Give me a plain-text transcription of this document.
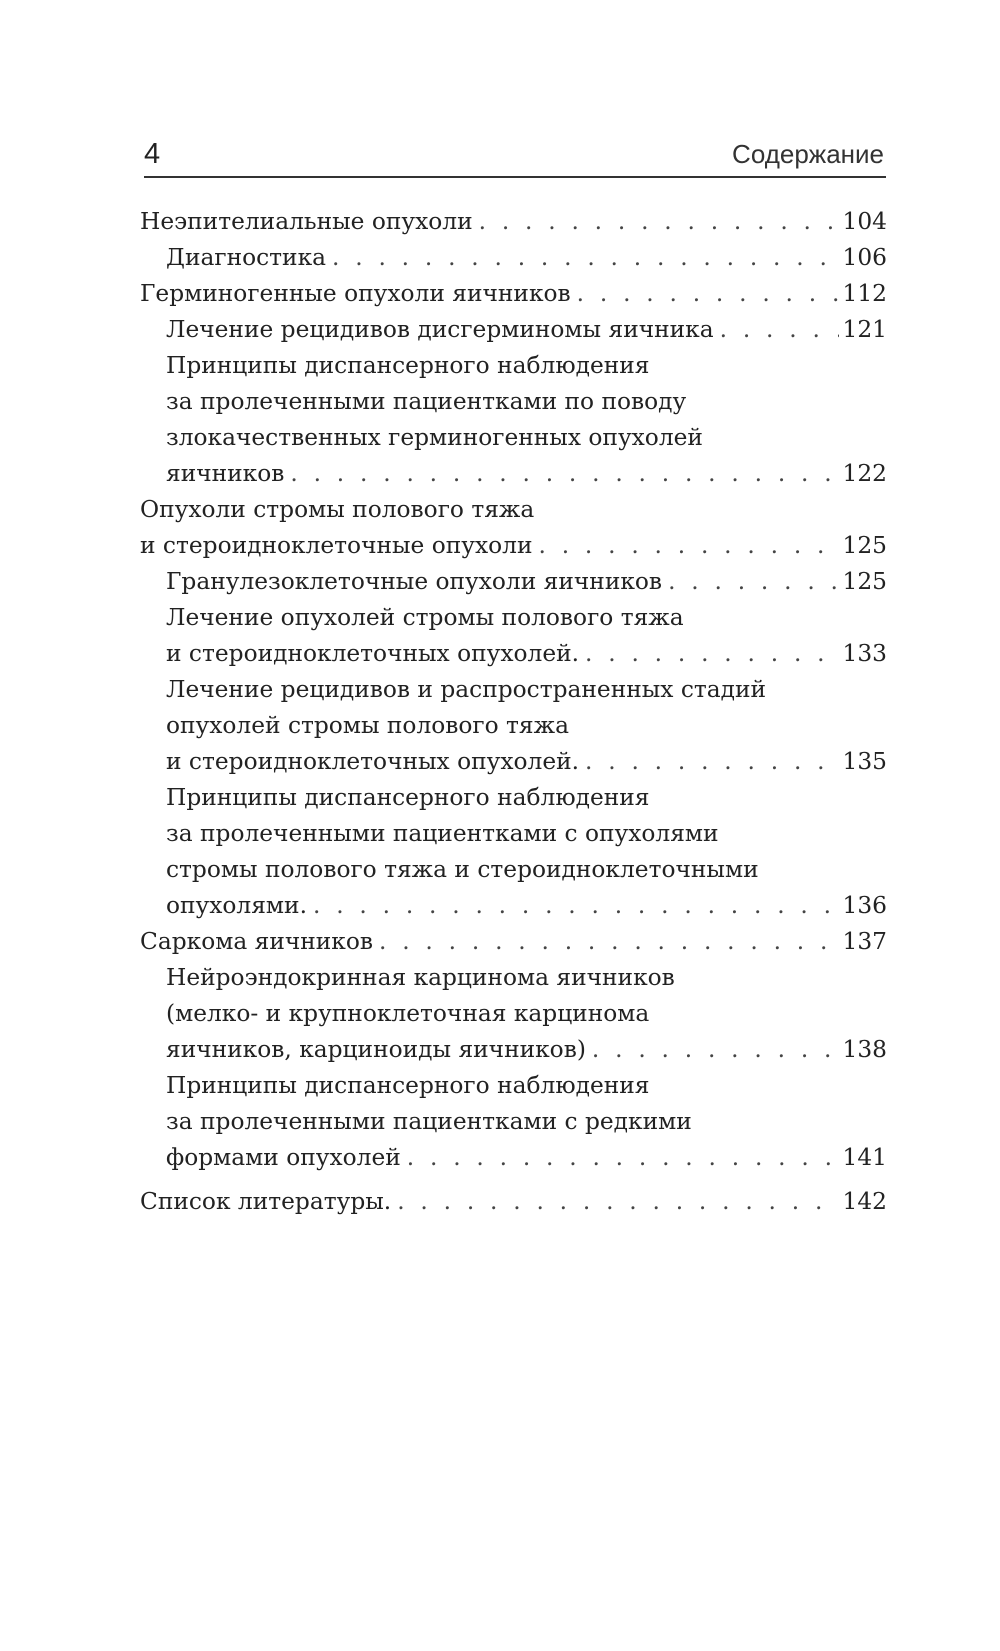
4	Содержание
Неэпителиальные опухоли . . .	104
Диагностика . . .	106
Герминогенные опухоли яичников . . .	112
Лечение рецидивов дисгерминомы яичника . . .	121
Принципы диспансерного наблюдения
за пролеченными пациентками по поводу
злокачественных герминогенных опухолей
яичников . . .	122
Опухоли стромы полового тяжа
и стероидноклеточные опухоли . . .	125
Гранулезоклеточные опухоли яичников . . .	125
Лечение опухолей стромы полового тяжа
и стероидноклеточных опухолей. . . .	133
Лечение рецидивов и распространенных стадий
опухолей стромы полового тяжа
и стероидноклеточных опухолей. . . .	135
Принципы диспансерного наблюдения
за пролеченными пациентками с опухолями
стромы полового тяжа и стероидноклеточными
опухолями. . . .	136
Саркома яичников . . .	137
Нейроэндокринная карцинома яичников
(мелко- и крупноклеточная карцинома
яичников, карциноиды яичников) . . .	138
Принципы диспансерного наблюдения
за пролеченными пациентками с редкими
формами опухолей . . .	141
Список литературы. . . .	142
